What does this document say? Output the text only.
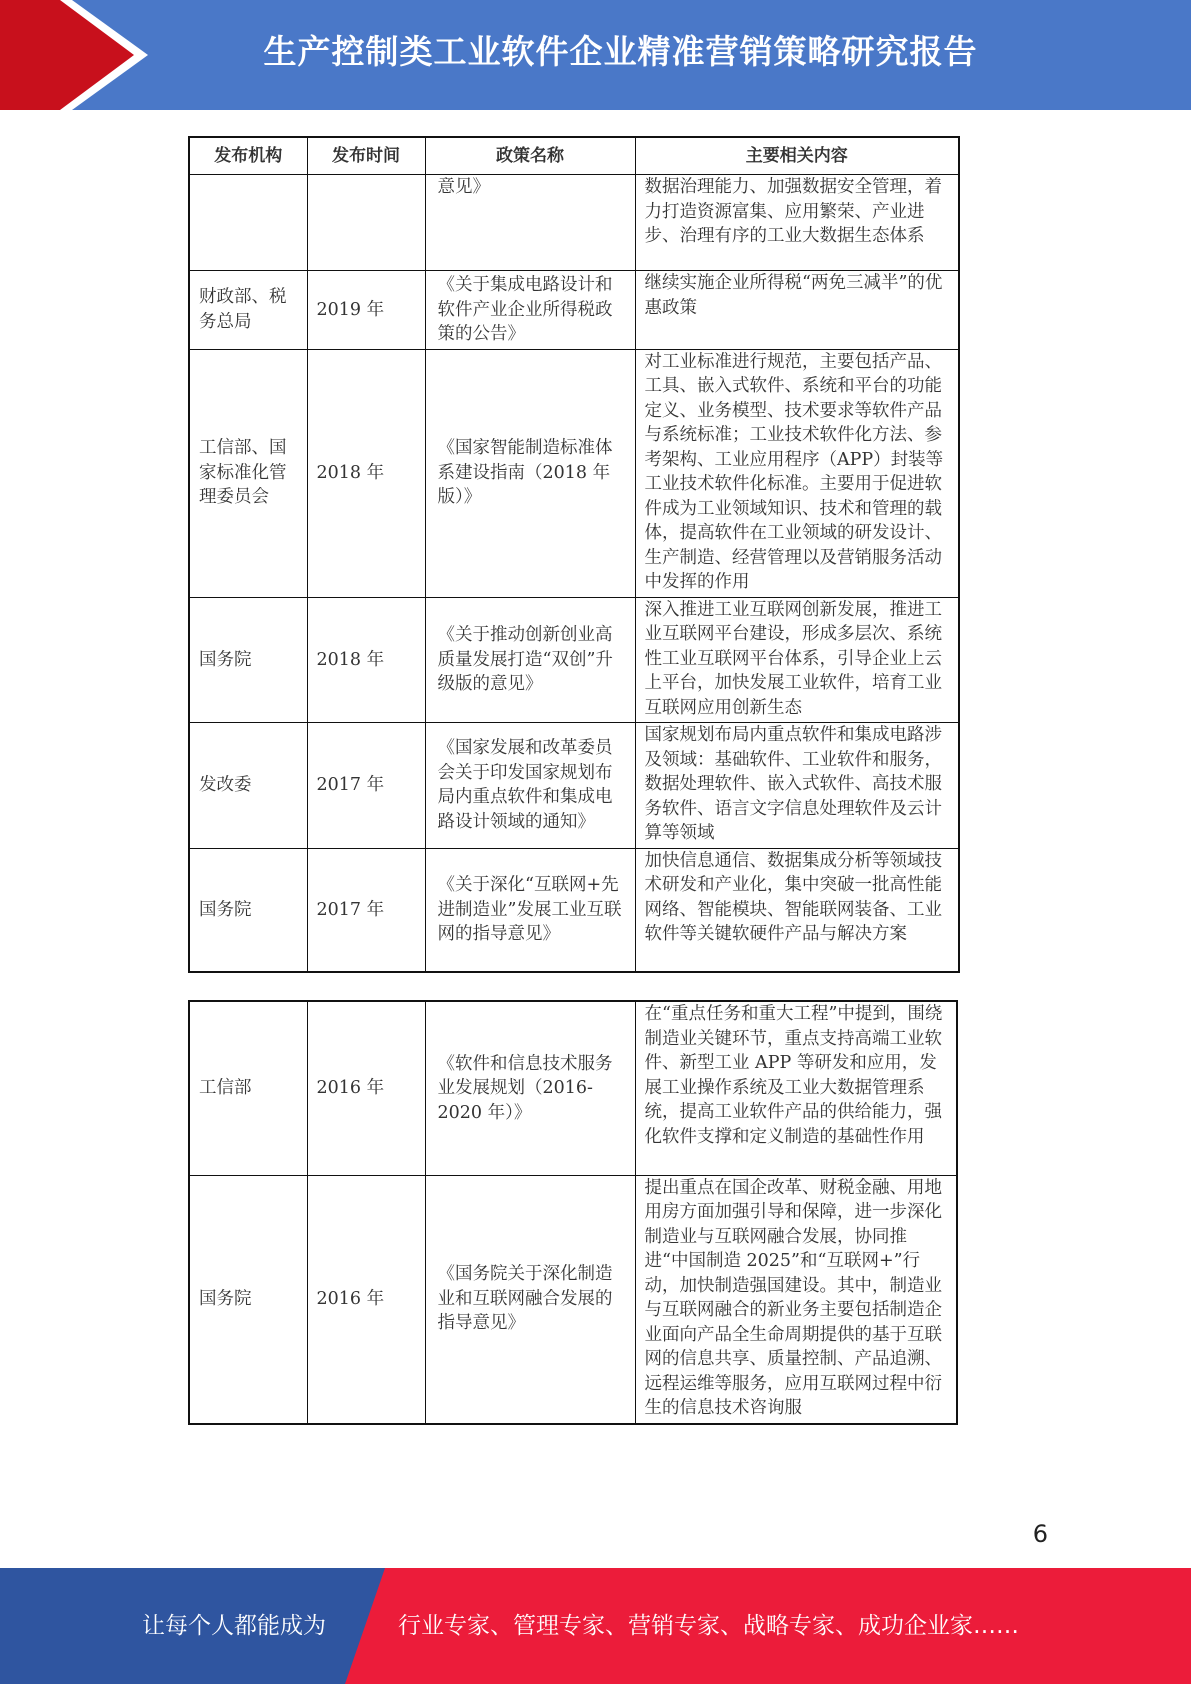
生产控制类工业软件企业精准营销策略研究报告
发布机构	发布时间	政策名称	主要相关内容
		意见》	数据治理能力、加强数据安全管理，着力打造资源富集、应用繁荣、产业进步、治理有序的工业大数据生态体系
财政部、税务总局	2019 年	《关于集成电路设计和软件产业企业所得税政策的公告》	继续实施企业所得税“两免三减半”的优惠政策
工信部、国家标准化管理委员会	2018 年	《国家智能制造标准体系建设指南（2018 年版）》	对工业标准进行规范，主要包括产品、工具、嵌入式软件、系统和平台的功能定义、业务模型、技术要求等软件产品与系统标准；工业技术软件化方法、参考架构、工业应用程序（APP）封装等工业技术软件化标准。主要用于促进软件成为工业领域知识、技术和管理的载体，提高软件在工业领域的研发设计、生产制造、经营管理以及营销服务活动中发挥的作用
国务院	2018 年	《关于推动创新创业高质量发展打造“双创”升级版的意见》	深入推进工业互联网创新发展，推进工业互联网平台建设，形成多层次、系统性工业互联网平台体系，引导企业上云上平台，加快发展工业软件，培育工业互联网应用创新生态
发改委	2017 年	《国家发展和改革委员会关于印发国家规划布局内重点软件和集成电路设计领域的通知》	国家规划布局内重点软件和集成电路涉及领域：基础软件、工业软件和服务，数据处理软件、嵌入式软件、高技术服务软件、语言文字信息处理软件及云计算等领域
国务院	2017 年	《关于深化“互联网+先进制造业”发展工业互联网的指导意见》	加快信息通信、数据集成分析等领域技术研发和产业化，集中突破一批高性能网络、智能模块、智能联网装备、工业软件等关键软硬件产品与解决方案
工信部	2016 年	《软件和信息技术服务业发展规划（2016-2020 年）》	在“重点任务和重大工程”中提到，围绕制造业关键环节，重点支持高端工业软件、新型工业 APP 等研发和应用，发展工业操作系统及工业大数据管理系统，提高工业软件产品的供给能力，强化软件支撑和定义制造的基础性作用
国务院	2016 年	《国务院关于深化制造业和互联网融合发展的指导意见》	提出重点在国企改革、财税金融、用地用房方面加强引导和保障，进一步深化制造业与互联网融合发展，协同推进“中国制造 2025”和“互联网+”行动，加快制造强国建设。其中，制造业与互联网融合的新业务主要包括制造企业面向产品全生命周期提供的基于互联网的信息共享、质量控制、产品追溯、远程运维等服务，应用互联网过程中衍生的信息技术咨询服
6
让每个人都能成为	行业专家、管理专家、营销专家、战略专家、成功企业家……
